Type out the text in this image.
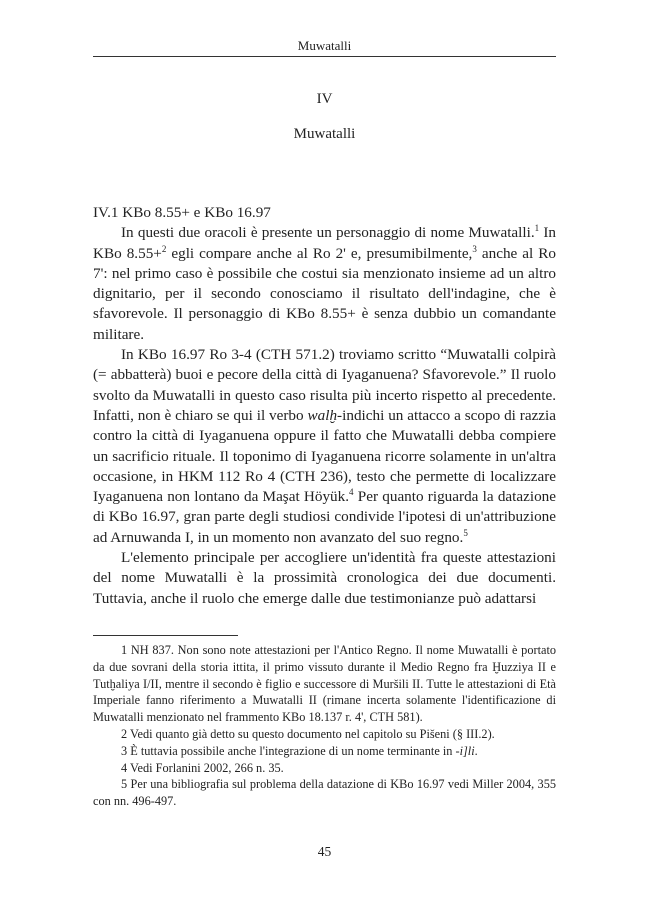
Muwatalli
IV
Muwatalli

IV.1 KBo 8.55+ e KBo 16.97

In questi due oracoli è presente un personaggio di nome Muwatalli.$^1$ In KBo 8.55+$^2$ egli compare anche al Ro 2' e, presumibilmente,$^3$ anche al Ro 7': nel primo caso è possibile che costui sia menzionato insieme ad un altro dignitario, per il secondo conosciamo il risultato dell'indagine, che è sfavorevole. Il personaggio di KBo 8.55+ è senza dubbio un comandante militare.

In KBo 16.97 Ro 3-4 (CTH 571.2) troviamo scritto “Muwatalli colpirà (= abbatterà) buoi e pecore della città di Iyaganuena? Sfavorevole.” Il ruolo svolto da Muwatalli in questo caso risulta più incerto rispetto al precedente. Infatti, non è chiaro se qui il verbo walḫ-indichi un attacco a scopo di razzia contro la città di Iyaganuena oppure il fatto che Muwatalli debba compiere un sacrificio rituale. Il toponimo di Iyaganuena ricorre solamente in un'altra occasione, in HKM 112 Ro 4 (CTH 236), testo che permette di localizzare Iyaganuena non lontano da Maşat Höyük.$^4$ Per quanto riguarda la datazione di KBo 16.97, gran parte degli studiosi condivide l'ipotesi di un'attribuzione ad Arnuwanda I, in un momento non avanzato del suo regno.$^5$

L'elemento principale per accogliere un'identità fra queste attestazioni del nome Muwatalli è la prossimità cronologica dei due documenti. Tuttavia, anche il ruolo che emerge dalle due testimonianze può adattarsi

1 NH 837. Non sono note attestazioni per l'Antico Regno. Il nome Muwatalli è portato da due sovrani della storia ittita, il primo vissuto durante il Medio Regno fra Ḫuzziya II e Tutḫaliya I/II, mentre il secondo è figlio e successore di Muršili II. Tutte le attestazioni di Età Imperiale fanno riferimento a Muwatalli II (rimane incerta solamente l'identificazione di Muwatalli menzionato nel frammento KBo 18.137 r. 4', CTH 581).

2 Vedi quanto già detto su questo documento nel capitolo su Pišeni (§ III.2).

3 È tuttavia possibile anche l'integrazione di un nome terminante in -i]li.

4 Vedi Forlanini 2002, 266 n. 35.

5 Per una bibliografia sul problema della datazione di KBo 16.97 vedi Miller 2004, 355 con nn. 496-497.

45
